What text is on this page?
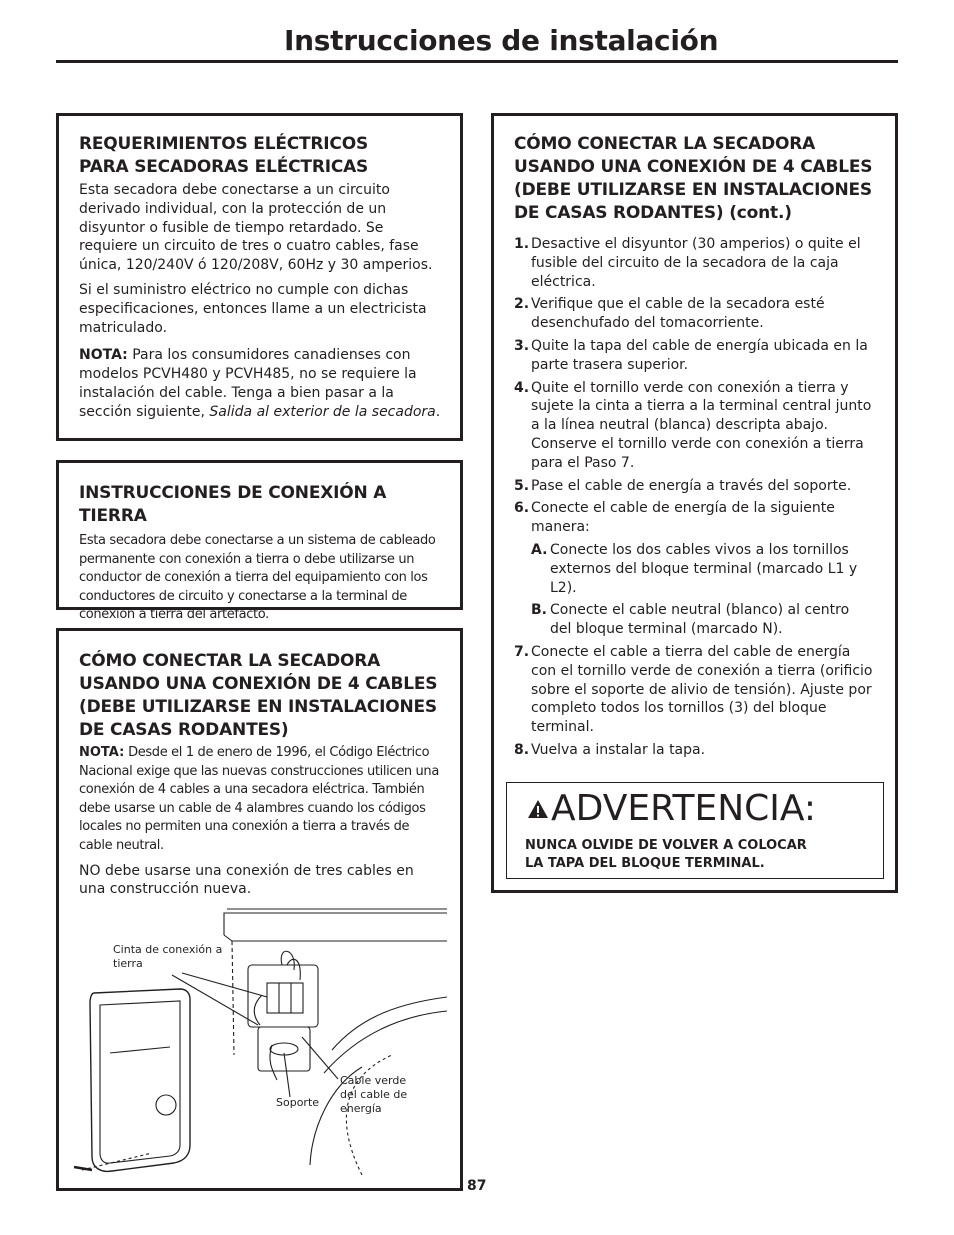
Instrucciones de instalación
REQUERIMIENTOS ELÉCTRICOS
PARA SECADORAS ELÉCTRICAS

Esta secadora debe conectarse a un circuito derivado individual, con la protección de un disyuntor o fusible de tiempo retardado. Se requiere un circuito de tres o cuatro cables, fase única, 120/240V ó 120/208V, 60Hz y 30 amperios.

Si el suministro eléctrico no cumple con dichas especificaciones, entonces llame a un electricista matriculado.

NOTA: Para los consumidores canadienses con modelos PCVH480 y PCVH485, no se requiere la instalación del cable. Tenga a bien pasar a la sección siguiente, Salida al exterior de la secadora.

INSTRUCCIONES DE CONEXIÓN A TIERRA

Esta secadora debe conectarse a un sistema de cableado permanente con conexión a tierra o debe utilizarse un conductor de conexión a tierra del equipamiento con los conductores de circuito y conectarse a la terminal de conexión a tierra del artefacto.

CÓMO CONECTAR LA SECADORA USANDO UNA CONEXIÓN DE 4 CABLES (DEBE UTILIZARSE EN INSTALACIONES DE CASAS RODANTES)

NOTA: Desde el 1 de enero de 1996, el Código Eléctrico Nacional exige que las nuevas construcciones utilicen una conexión de 4 cables a una secadora eléctrica. También debe usarse un cable de 4 alambres cuando los códigos locales no permiten una conexión a tierra a través de cable neutral.

NO debe usarse una conexión de tres cables en una construcción nueva.

Cinta de conexión a tierra
Soporte
Cable verde del cable de energía
CÓMO CONECTAR LA SECADORA USANDO UNA CONEXIÓN DE 4 CABLES (DEBE UTILIZARSE EN INSTALACIONES DE CASAS RODANTES) (cont.)
1. Desactive el disyuntor (30 amperios) o quite el fusible del circuito de la secadora de la caja eléctrica.
2. Verifique que el cable de la secadora esté desenchufado del tomacorriente.
3. Quite la tapa del cable de energía ubicada en la parte trasera superior.
4. Quite el tornillo verde con conexión a tierra y sujete la cinta a tierra a la terminal central junto a la línea neutral (blanca) descripta abajo. Conserve el tornillo verde con conexión a tierra para el Paso 7.
5. Pase el cable de energía a través del soporte.
6. Conecte el cable de energía de la siguiente manera:
A. Conecte los dos cables vivos a los tornillos externos del bloque terminal (marcado L1 y L2).
B. Conecte el cable neutral (blanco) al centro del bloque terminal (marcado N).
7. Conecte el cable a tierra del cable de energía con el tornillo verde de conexión a tierra (orificio sobre el soporte de alivio de tensión). Ajuste por completo todos los tornillos (3) del bloque terminal.
8. Vuelva a instalar la tapa.
ADVERTENCIA:
NUNCA OLVIDE DE VOLVER A COLOCAR
LA TAPA DEL BLOQUE TERMINAL.
87
